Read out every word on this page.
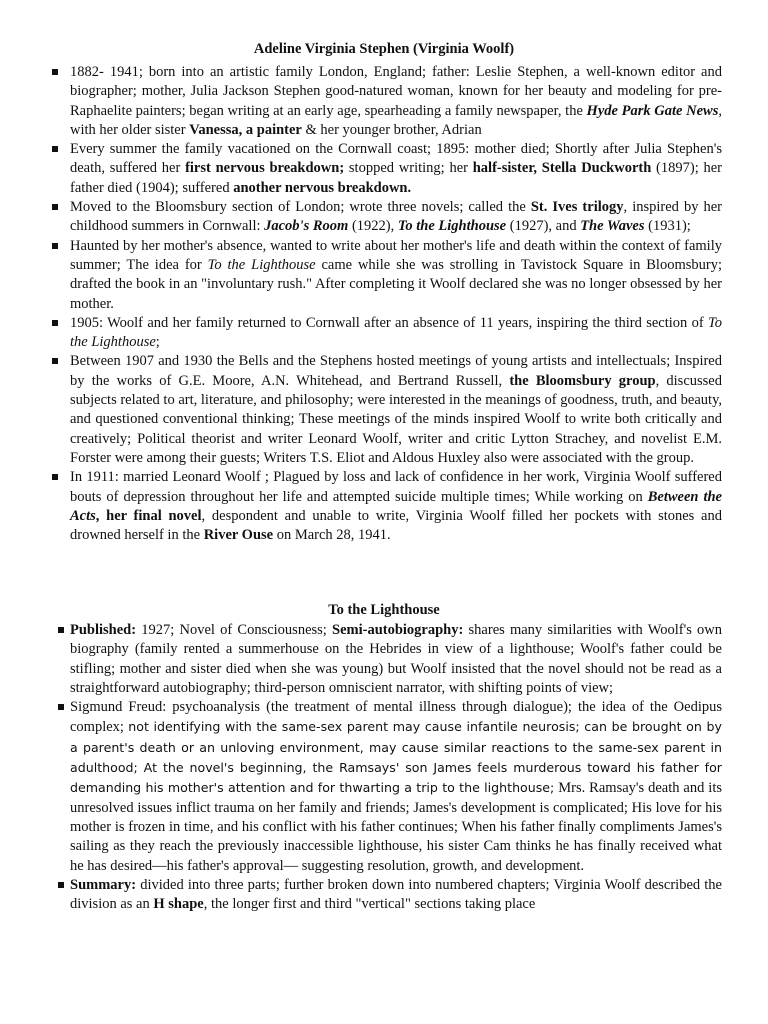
Adeline Virginia Stephen (Virginia Woolf)
1882- 1941; born into an artistic family London, England; father: Leslie Stephen, a well-known editor and biographer; mother, Julia Jackson Stephen good-natured woman, known for her beauty and modeling for pre-Raphaelite painters; began writing at an early age, spearheading a family newspaper, the Hyde Park Gate News, with her older sister Vanessa, a painter & her younger brother, Adrian
Every summer the family vacationed on the Cornwall coast; 1895: mother died; Shortly after Julia Stephen's death, suffered her first nervous breakdown; stopped writing; her half-sister, Stella Duckworth (1897); her father died (1904); suffered another nervous breakdown.
Moved to the Bloomsbury section of London; wrote three novels; called the St. Ives trilogy, inspired by her childhood summers in Cornwall: Jacob's Room (1922), To the Lighthouse (1927), and The Waves (1931);
Haunted by her mother's absence, wanted to write about her mother's life and death within the context of family summer; The idea for To the Lighthouse came while she was strolling in Tavistock Square in Bloomsbury; drafted the book in an "involuntary rush." After completing it Woolf declared she was no longer obsessed by her mother.
1905: Woolf and her family returned to Cornwall after an absence of 11 years, inspiring the third section of To the Lighthouse;
Between 1907 and 1930 the Bells and the Stephens hosted meetings of young artists and intellectuals; Inspired by the works of G.E. Moore, A.N. Whitehead, and Bertrand Russell, the Bloomsbury group, discussed subjects related to art, literature, and philosophy; were interested in the meanings of goodness, truth, and beauty, and questioned conventional thinking; These meetings of the minds inspired Woolf to write both critically and creatively; Political theorist and writer Leonard Woolf, writer and critic Lytton Strachey, and novelist E.M. Forster were among their guests; Writers T.S. Eliot and Aldous Huxley also were associated with the group.
In 1911: married Leonard Woolf ; Plagued by loss and lack of confidence in her work, Virginia Woolf suffered bouts of depression throughout her life and attempted suicide multiple times; While working on Between the Acts, her final novel, despondent and unable to write, Virginia Woolf filled her pockets with stones and drowned herself in the River Ouse on March 28, 1941.
To the Lighthouse
Published: 1927; Novel of Consciousness; Semi-autobiography: shares many similarities with Woolf's own biography (family rented a summerhouse on the Hebrides in view of a lighthouse; Woolf's father could be stifling; mother and sister died when she was young) but Woolf insisted that the novel should not be read as a straightforward autobiography; third-person omniscient narrator, with shifting points of view;
Sigmund Freud: psychoanalysis (the treatment of mental illness through dialogue); the idea of the Oedipus complex; not identifying with the same-sex parent may cause infantile neurosis; can be brought on by a parent's death or an unloving environment, may cause similar reactions to the same-sex parent in adulthood; At the novel's beginning, the Ramsays' son James feels murderous toward his father for demanding his mother's attention and for thwarting a trip to the lighthouse; Mrs. Ramsay's death and its unresolved issues inflict trauma on her family and friends; James's development is complicated; His love for his mother is frozen in time, and his conflict with his father continues; When his father finally compliments James's sailing as they reach the previously inaccessible lighthouse, his sister Cam thinks he has finally received what he has desired—his father's approval— suggesting resolution, growth, and development.
Summary: divided into three parts; further broken down into numbered chapters; Virginia Woolf described the division as an H shape, the longer first and third "vertical" sections taking place
